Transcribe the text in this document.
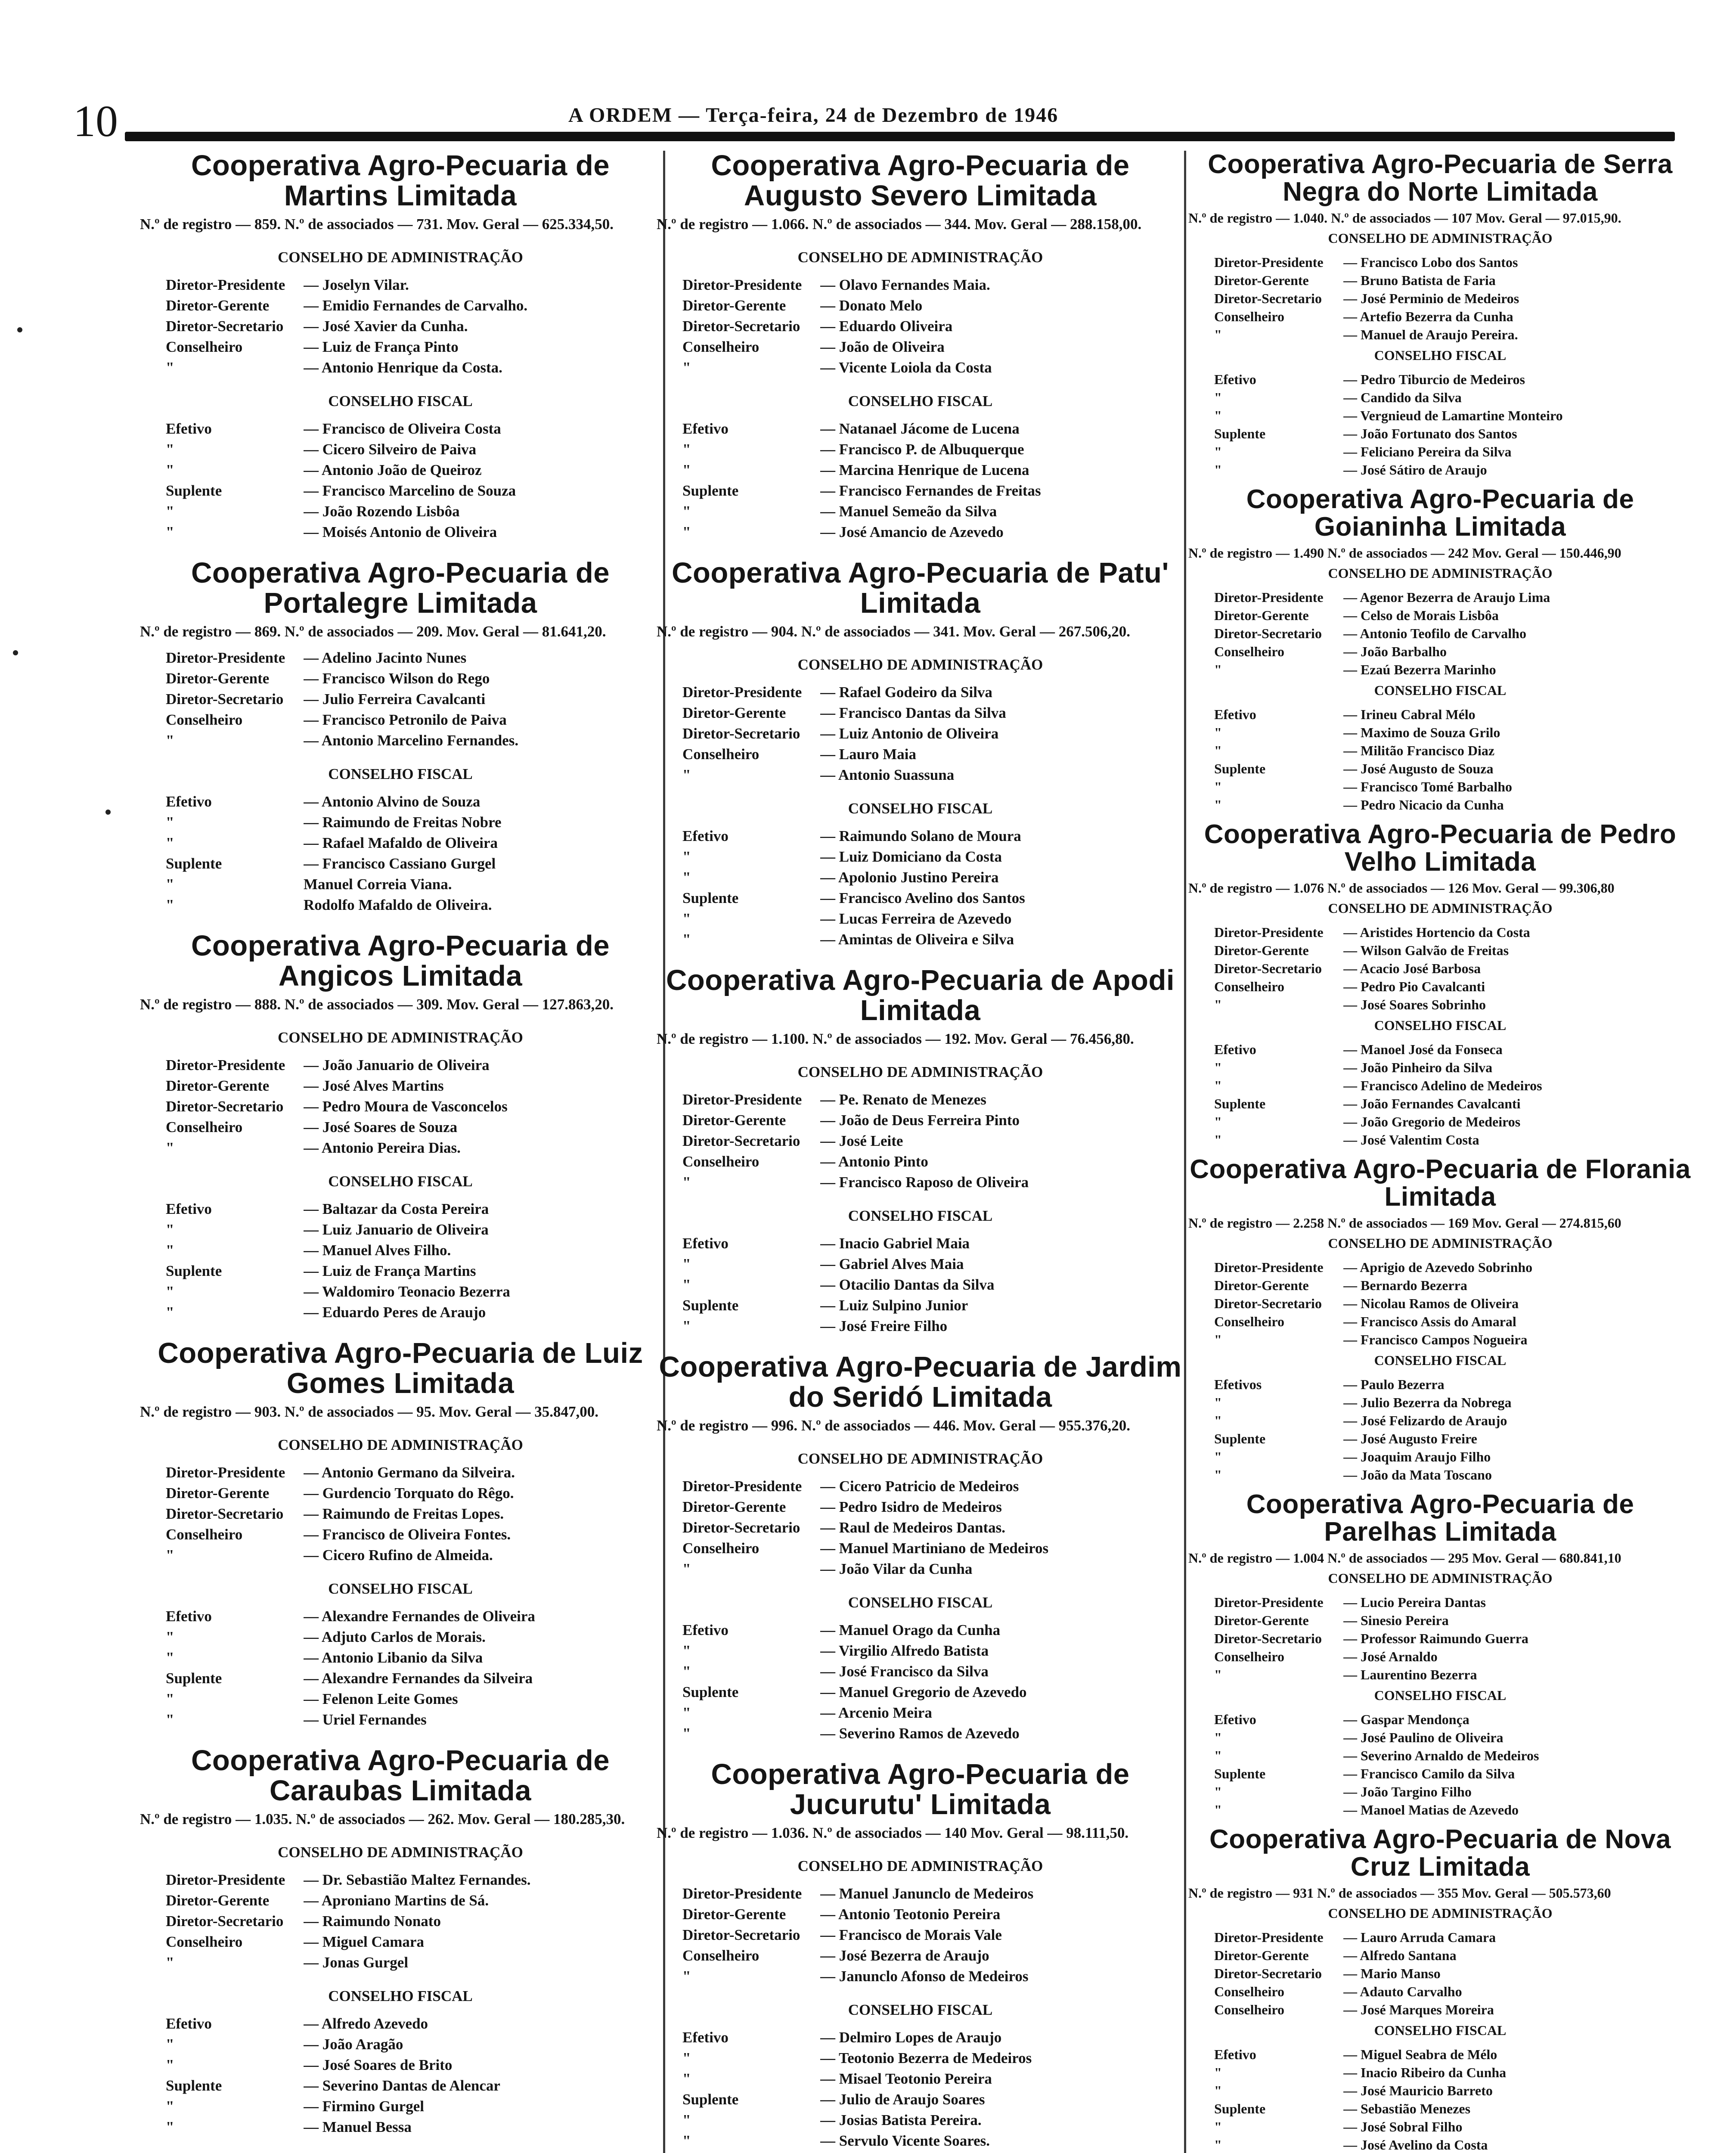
10	A ORDEM — Terça-feira, 24 de Dezembro de 1946
Cooperativa Agro-Pecuaria de Martins Limitada
N.º de registro — 859. N.º de associados — 731. Mov. Geral — 625.334,50.
CONSELHO DE ADMINISTRAÇÃO
Diretor-Presidente	— Joselyn Vilar.
Diretor-Gerente	— Emidio Fernandes de Carvalho.
Diretor-Secretario	— José Xavier da Cunha.
Conselheiro	— Luiz de França Pinto
"	— Antonio Henrique da Costa.
CONSELHO FISCAL
Efetivo	— Francisco de Oliveira Costa
"	— Cicero Silveiro de Paiva
"	— Antonio João de Queiroz
Suplente	— Francisco Marcelino de Souza
"	— João Rozendo Lisbôa
"	— Moisés Antonio de Oliveira
Cooperativa Agro-Pecuaria de Portalegre Limitada
N.º de registro — 869. N.º de associados — 209. Mov. Geral — 81.641,20.
Diretor-Presidente	— Adelino Jacinto Nunes
Diretor-Gerente	— Francisco Wilson do Rego
Diretor-Secretario	— Julio Ferreira Cavalcanti
Conselheiro	— Francisco Petronilo de Paiva
"	— Antonio Marcelino Fernandes.
CONSELHO FISCAL
Efetivo	— Antonio Alvino de Souza
"	— Raimundo de Freitas Nobre
"	— Rafael Mafaldo de Oliveira
Suplente	— Francisco Cassiano Gurgel
"	Manuel Correia Viana.
"	Rodolfo Mafaldo de Oliveira.
Cooperativa Agro-Pecuaria de Angicos Limitada
N.º de registro — 888. N.º de associados — 309. Mov. Geral — 127.863,20.
CONSELHO DE ADMINISTRAÇÃO
Diretor-Presidente	— João Januario de Oliveira
Diretor-Gerente	— José Alves Martins
Diretor-Secretario	— Pedro Moura de Vasconcelos
Conselheiro	— José Soares de Souza
"	— Antonio Pereira Dias.
CONSELHO FISCAL
Efetivo	— Baltazar da Costa Pereira
"	— Luiz Januario de Oliveira
"	— Manuel Alves Filho.
Suplente	— Luiz de França Martins
"	— Waldomiro Teonacio Bezerra
"	— Eduardo Peres de Araujo
Cooperativa Agro-Pecuaria de Luiz Gomes Limitada
N.º de registro — 903. N.º de associados — 95. Mov. Geral — 35.847,00.
CONSELHO DE ADMINISTRAÇÃO
Diretor-Presidente	— Antonio Germano da Silveira.
Diretor-Gerente	— Gurdencio Torquato do Rêgo.
Diretor-Secretario	— Raimundo de Freitas Lopes.
Conselheiro	— Francisco de Oliveira Fontes.
"	— Cicero Rufino de Almeida.
CONSELHO FISCAL
Efetivo	— Alexandre Fernandes de Oliveira
"	— Adjuto Carlos de Morais.
"	— Antonio Libanio da Silva
Suplente	— Alexandre Fernandes da Silveira
"	— Felenon Leite Gomes
"	— Uriel Fernandes
Cooperativa Agro-Pecuaria de Caraubas Limitada
N.º de registro — 1.035. N.º de associados — 262. Mov. Geral — 180.285,30.
CONSELHO DE ADMINISTRAÇÃO
Diretor-Presidente	— Dr. Sebastião Maltez Fernandes.
Diretor-Gerente	— Aproniano Martins de Sá.
Diretor-Secretario	— Raimundo Nonato
Conselheiro	— Miguel Camara
"	— Jonas Gurgel
CONSELHO FISCAL
Efetivo	— Alfredo Azevedo
"	— João Aragão
"	— José Soares de Brito
Suplente	— Severino Dantas de Alencar
"	— Firmino Gurgel
"	— Manuel Bessa
Cooperativa Agro-Pecuaria de Augusto Severo Limitada
N.º de registro — 1.066. N.º de associados — 344. Mov. Geral — 288.158,00.
CONSELHO DE ADMINISTRAÇÃO
Diretor-Presidente	— Olavo Fernandes Maia.
Diretor-Gerente	— Donato Melo
Diretor-Secretario	— Eduardo Oliveira
Conselheiro	— João de Oliveira
"	— Vicente Loiola da Costa
CONSELHO FISCAL
Efetivo	— Natanael Jácome de Lucena
"	— Francisco P. de Albuquerque
"	— Marcina Henrique de Lucena
Suplente	— Francisco Fernandes de Freitas
"	— Manuel Semeão da Silva
"	— José Amancio de Azevedo
Cooperativa Agro-Pecuaria de Patu' Limitada
N.º de registro — 904. N.º de associados — 341. Mov. Geral — 267.506,20.
CONSELHO DE ADMINISTRAÇÃO
Diretor-Presidente	— Rafael Godeiro da Silva
Diretor-Gerente	— Francisco Dantas da Silva
Diretor-Secretario	— Luiz Antonio de Oliveira
Conselheiro	— Lauro Maia
"	— Antonio Suassuna
CONSELHO FISCAL
Efetivo	— Raimundo Solano de Moura
"	— Luiz Domiciano da Costa
"	— Apolonio Justino Pereira
Suplente	— Francisco Avelino dos Santos
"	— Lucas Ferreira de Azevedo
"	— Amintas de Oliveira e Silva
Cooperativa Agro-Pecuaria de Apodi Limitada
N.º de registro — 1.100. N.º de associados — 192. Mov. Geral — 76.456,80.
CONSELHO DE ADMINISTRAÇÃO
Diretor-Presidente	— Pe. Renato de Menezes
Diretor-Gerente	— João de Deus Ferreira Pinto
Diretor-Secretario	— José Leite
Conselheiro	— Antonio Pinto
"	— Francisco Raposo de Oliveira
CONSELHO FISCAL
Efetivo	— Inacio Gabriel Maia
"	— Gabriel Alves Maia
"	— Otacilio Dantas da Silva
Suplente	— Luiz Sulpino Junior
"	— José Freire Filho
Cooperativa Agro-Pecuaria de Jardim do Seridó Limitada
N.º de registro — 996. N.º de associados — 446. Mov. Geral — 955.376,20.
CONSELHO DE ADMINISTRAÇÃO
Diretor-Presidente	— Cicero Patricio de Medeiros
Diretor-Gerente	— Pedro Isidro de Medeiros
Diretor-Secretario	— Raul de Medeiros Dantas.
Conselheiro	— Manuel Martiniano de Medeiros
"	— João Vilar da Cunha
CONSELHO FISCAL
Efetivo	— Manuel Orago da Cunha
"	— Virgilio Alfredo Batista
"	— José Francisco da Silva
Suplente	— Manuel Gregorio de Azevedo
"	— Arcenio Meira
"	— Severino Ramos de Azevedo
Cooperativa Agro-Pecuaria de Jucurutu' Limitada
N.º de registro — 1.036. N.º de associados — 140 Mov. Geral — 98.111,50.
CONSELHO DE ADMINISTRAÇÃO
Diretor-Presidente	— Manuel Janunclo de Medeiros
Diretor-Gerente	— Antonio Teotonio Pereira
Diretor-Secretario	— Francisco de Morais Vale
Conselheiro	— José Bezerra de Araujo
"	— Janunclo Afonso de Medeiros
CONSELHO FISCAL
Efetivo	— Delmiro Lopes de Araujo
"	— Teotonio Bezerra de Medeiros
"	— Misael Teotonio Pereira
Suplente	— Julio de Araujo Soares
"	— Josias Batista Pereira.
"	— Servulo Vicente Soares.
Cooperativa Agro-Pecuaria de Serra Negra do Norte Limitada
N.º de registro — 1.040. N.º de associados — 107 Mov. Geral — 97.015,90.
CONSELHO DE ADMINISTRAÇÃO
Diretor-Presidente	— Francisco Lobo dos Santos
Diretor-Gerente	— Bruno Batista de Faria
Diretor-Secretario	— José Perminio de Medeiros
Conselheiro	— Artefio Bezerra da Cunha
"	— Manuel de Araujo Pereira.
CONSELHO FISCAL
Efetivo	— Pedro Tiburcio de Medeiros
"	— Candido da Silva
"	— Vergnieud de Lamartine Monteiro
Suplente	— João Fortunato dos Santos
"	— Feliciano Pereira da Silva
"	— José Sátiro de Araujo
Cooperativa Agro-Pecuaria de Goianinha Limitada
N.º de registro — 1.490 N.º de associados — 242 Mov. Geral — 150.446,90
CONSELHO DE ADMINISTRAÇÃO
Diretor-Presidente	— Agenor Bezerra de Araujo Lima
Diretor-Gerente	— Celso de Morais Lisbôa
Diretor-Secretario	— Antonio Teofilo de Carvalho
Conselheiro	— João Barbalho
"	— Ezaú Bezerra Marinho
CONSELHO FISCAL
Efetivo	— Irineu Cabral Mélo
"	— Maximo de Souza Grilo
"	— Militão Francisco Diaz
Suplente	— José Augusto de Souza
"	— Francisco Tomé Barbalho
"	— Pedro Nicacio da Cunha
Cooperativa Agro-Pecuaria de Pedro Velho Limitada
N.º de registro — 1.076 N.º de associados — 126 Mov. Geral — 99.306,80
CONSELHO DE ADMINISTRAÇÃO
Diretor-Presidente	— Aristides Hortencio da Costa
Diretor-Gerente	— Wilson Galvão de Freitas
Diretor-Secretario	— Acacio José Barbosa
Conselheiro	— Pedro Pio Cavalcanti
"	— José Soares Sobrinho
CONSELHO FISCAL
Efetivo	— Manoel José da Fonseca
"	— João Pinheiro da Silva
"	— Francisco Adelino de Medeiros
Suplente	— João Fernandes Cavalcanti
"	— João Gregorio de Medeiros
"	— José Valentim Costa
Cooperativa Agro-Pecuaria de Florania Limitada
N.º de registro — 2.258 N.º de associados — 169 Mov. Geral — 274.815,60
CONSELHO DE ADMINISTRAÇÃO
Diretor-Presidente	— Aprigio de Azevedo Sobrinho
Diretor-Gerente	— Bernardo Bezerra
Diretor-Secretario	— Nicolau Ramos de Oliveira
Conselheiro	— Francisco Assis do Amaral
"	— Francisco Campos Nogueira
CONSELHO FISCAL
Efetivos	— Paulo Bezerra
"	— Julio Bezerra da Nobrega
"	— José Felizardo de Araujo
Suplente	— José Augusto Freire
"	— Joaquim Araujo Filho
"	— João da Mata Toscano
Cooperativa Agro-Pecuaria de Parelhas Limitada
N.º de registro — 1.004 N.º de associados — 295 Mov. Geral — 680.841,10
CONSELHO DE ADMINISTRAÇÃO
Diretor-Presidente	— Lucio Pereira Dantas
Diretor-Gerente	— Sinesio Pereira
Diretor-Secretario	— Professor Raimundo Guerra
Conselheiro	— José Arnaldo
"	— Laurentino Bezerra
CONSELHO FISCAL
Efetivo	— Gaspar Mendonça
"	— José Paulino de Oliveira
"	— Severino Arnaldo de Medeiros
Suplente	— Francisco Camilo da Silva
"	— João Targino Filho
"	— Manoel Matias de Azevedo
Cooperativa Agro-Pecuaria de Nova Cruz Limitada
N.º de registro — 931 N.º de associados — 355 Mov. Geral — 505.573,60
CONSELHO DE ADMINISTRAÇÃO
Diretor-Presidente	— Lauro Arruda Camara
Diretor-Gerente	— Alfredo Santana
Diretor-Secretario	— Mario Manso
Conselheiro	— Adauto Carvalho
Conselheiro	— José Marques Moreira
CONSELHO FISCAL
Efetivo	— Miguel Seabra de Mélo
"	— Inacio Ribeiro da Cunha
"	— José Mauricio Barreto
Suplente	— Sebastião Menezes
"	— José Sobral Filho
"	— José Avelino da Costa
